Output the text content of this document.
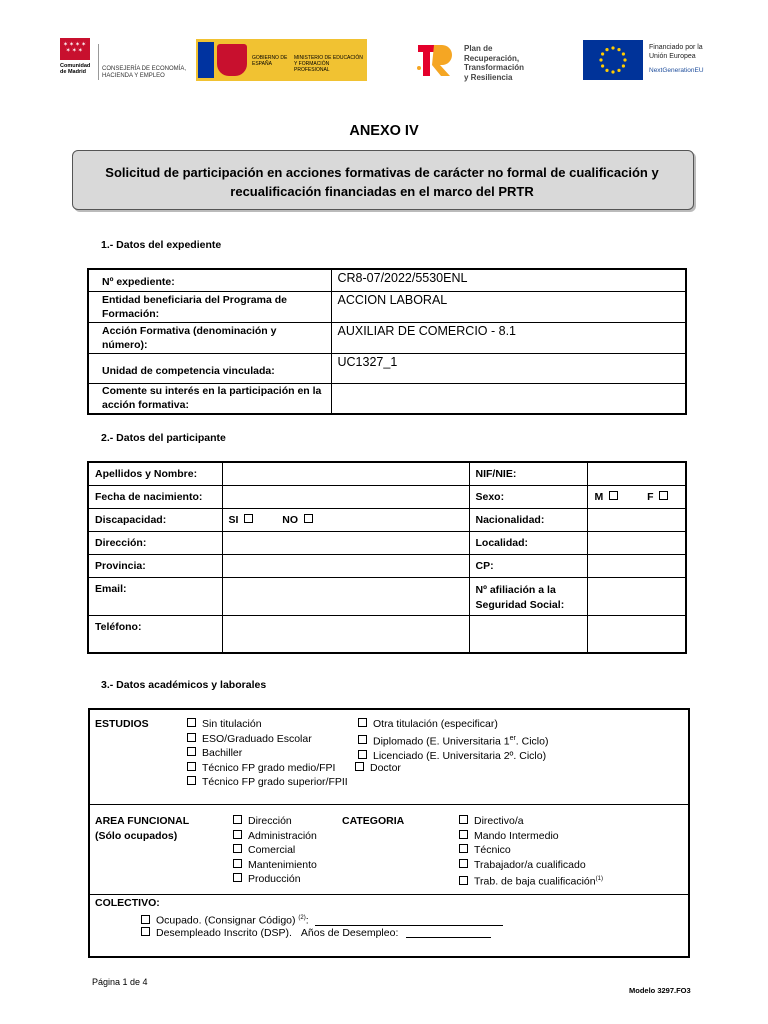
✶✶✶✶
✶✶✶
Comunidad de Madrid	CONSEJERÍA DE ECONOMÍA, HACIENDA Y EMPLEO
GOBIERNO DE ESPAÑA
MINISTERIO DE EDUCACIÓN Y FORMACIÓN PROFESIONAL
Plan de
Recuperación,
Transformación
y Resiliencia
Financiado por la
Unión Europea
NextGenerationEU
ANEXO IV
Solicitud de participación en acciones formativas de carácter no formal de cualificación y
recualificación financiadas en el marco del PRTR
1.- Datos del expediente
Nº expediente:	CR8-07/2022/5530ENL
Entidad beneficiaria del Programa de Formación:	ACCION LABORAL
Acción Formativa (denominación y número):	AUXILIAR DE COMERCIO - 8.1
Unidad de competencia vinculada:	UC1327_1
Comente su interés en la participación en la acción formativa:	
2.- Datos del participante
Apellidos y Nombre:		NIF/NIE:	
Fecha de nacimiento:		Sexo:	M F
Discapacidad:	SI NO	Nacionalidad:	
Dirección:		Localidad:	
Provincia:		CP:	
Email:		Nº afiliación a la Seguridad Social:	
Teléfono:			
3.- Datos académicos y laborales
ESTUDIOS	Sin titulación
ESO/Graduado Escolar
Bachiller
Técnico FP grado medio/FPI
Técnico FP grado superior/FPII
Otra titulación (especificar)
Diplomado (E. Universitaria 1er. Ciclo)
Licenciado (E. Universitaria 2º. Ciclo)
Doctor
AREA FUNCIONAL
(Sólo ocupados)
Dirección
Administración
Comercial
Mantenimiento
Producción
CATEGORIA	Directivo/a
Mando Intermedio
Técnico
Trabajador/a cualificado
Trab. de baja cualificación$^{(1)}$
COLECTIVO:
Ocupado. (Consignar Código) $^{(2)}$:
Desempleado Inscrito (DSP). Años de Desempleo:
Página 1 de 4
Modelo 3297.FO3
